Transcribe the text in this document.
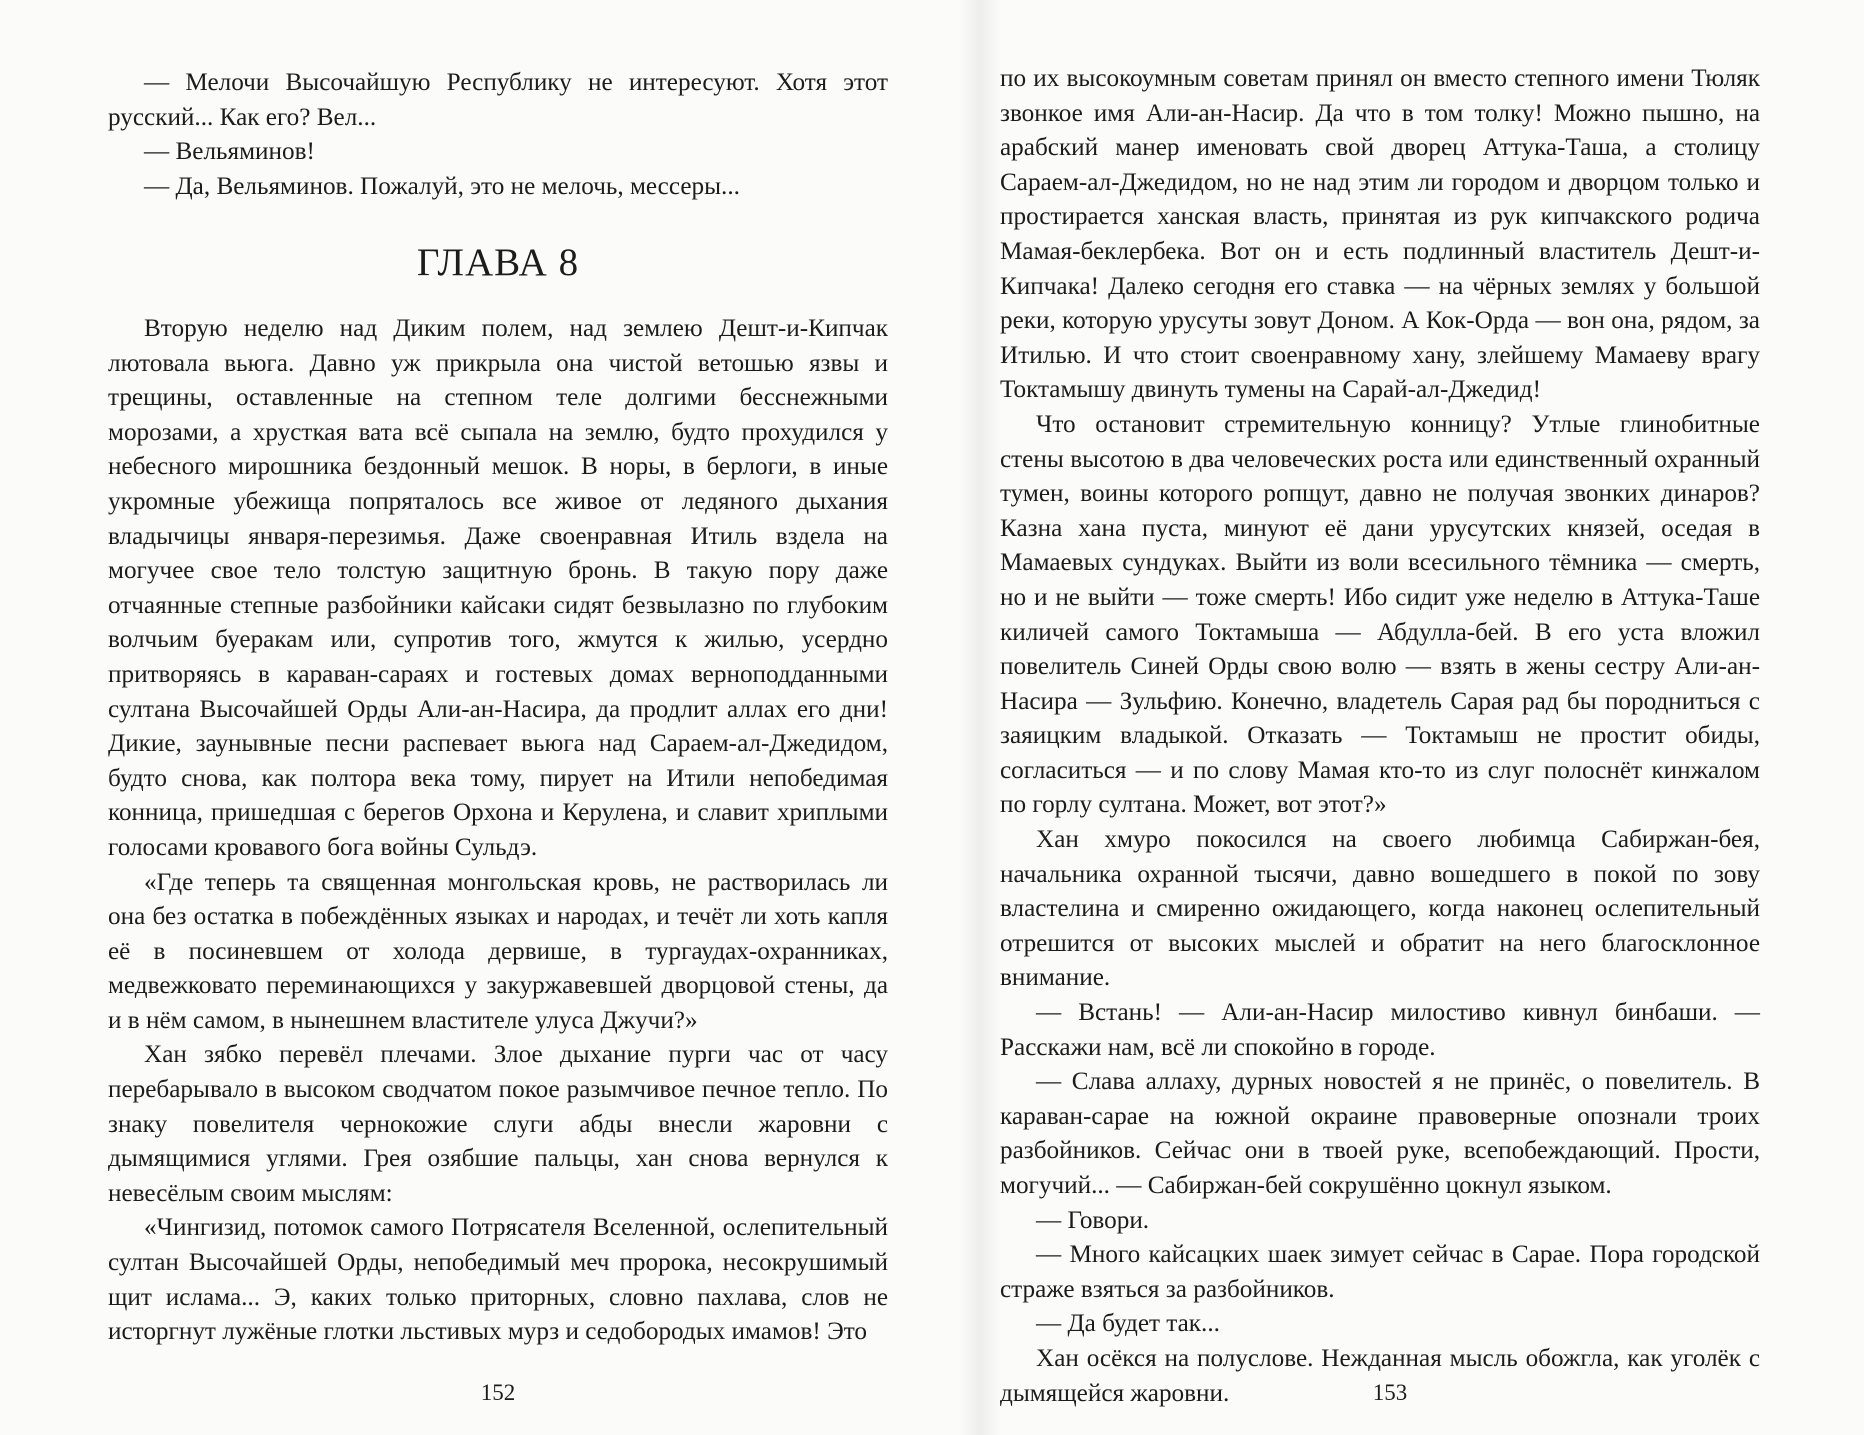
— Мелочи Высочайшую Республику не интересуют. Хотя этот русский... Как его? Вел...

— Вельяминов!

— Да, Вельяминов. Пожалуй, это не мелочь, мессеры...

ГЛАВА 8

Вторую неделю над Диким полем, над землею Дешт-и-Кипчак лютовала вьюга. Давно уж прикрыла она чистой ветошью язвы и трещины, оставленные на степном теле долгими бесснежными морозами, а хрусткая вата всё сыпала на землю, будто прохудился у небесного мирошника бездонный мешок. В норы, в берлоги, в иные укромные убежища попряталось все живое от ледяного дыхания владычицы января-перезимья. Даже своенравная Итиль вздела на могучее свое тело толстую защитную бронь. В такую пору даже отчаянные степные разбойники кайсаки сидят безвылазно по глубоким волчьим буеракам или, супротив того, жмутся к жилью, усердно притворяясь в караван-сараях и гостевых домах верноподданными султана Высочайшей Орды Али-ан-Насира, да продлит аллах его дни! Дикие, заунывные песни распевает вьюга над Сараем-ал-Джедидом, будто снова, как полтора века тому, пирует на Итили непобедимая конница, пришедшая с берегов Орхона и Керулена, и славит хриплыми голосами кровавого бога войны Сульдэ.

«Где теперь та священная монгольская кровь, не растворилась ли она без остатка в побеждённых языках и народах, и течёт ли хоть капля её в посиневшем от холода дервише, в тургаудах-охранниках, медвежковато переминающихся у закуржавевшей дворцовой стены, да и в нём самом, в нынешнем властителе улуса Джучи?»

Хан зябко перевёл плечами. Злое дыхание пурги час от часу перебарывало в высоком сводчатом покое разымчивое печное тепло. По знаку повелителя чернокожие слуги абды внесли жаровни с дымящимися углями. Грея озябшие пальцы, хан снова вернулся к невесёлым своим мыслям:

«Чингизид, потомок самого Потрясателя Вселенной, ослепительный султан Высочайшей Орды, непобедимый меч пророка, несокрушимый щит ислама... Э, каких только приторных, словно пахлава, слов не исторгнут лужёные глотки льстивых мурз и седобородых имамов! Это

152

по их высокоумным советам принял он вместо степного имени Тюляк звонкое имя Али-ан-Насир. Да что в том толку! Можно пышно, на арабский манер именовать свой дворец Аттука-Таша, а столицу Сараем-ал-Джедидом, но не над этим ли городом и дворцом только и простирается ханская власть, принятая из рук кипчакского родича Мамая-беклербека. Вот он и есть подлинный властитель Дешт-и-Кипчака! Далеко сегодня его ставка — на чёрных землях у большой реки, которую урусуты зовут Доном. А Кок-Орда — вон она, рядом, за Итилью. И что стоит своенравному хану, злейшему Мамаеву врагу Токтамышу двинуть тумены на Сарай-ал-Джедид!

Что остановит стремительную конницу? Утлые глинобитные стены высотою в два человеческих роста или единственный охранный тумен, воины которого ропщут, давно не получая звонких динаров? Казна хана пуста, минуют её дани урусутских князей, оседая в Мамаевых сундуках. Выйти из воли всесильного тёмника — смерть, но и не выйти — тоже смерть! Ибо сидит уже неделю в Аттука-Таше киличей самого Токтамыша — Абдулла-бей. В его уста вложил повелитель Синей Орды свою волю — взять в жены сестру Али-ан-Насира — Зульфию. Конечно, владетель Сарая рад бы породниться с заяицким владыкой. Отказать — Токтамыш не простит обиды, согласиться — и по слову Мамая кто-то из слуг полоснёт кинжалом по горлу султана. Может, вот этот?»

Хан хмуро покосился на своего любимца Сабиржан-бея, начальника охранной тысячи, давно вошедшего в покой по зову властелина и смиренно ожидающего, когда наконец ослепительный отрешится от высоких мыслей и обратит на него благосклонное внимание.

— Встань! — Али-ан-Насир милостиво кивнул бинбаши. — Расскажи нам, всё ли спокойно в городе.

— Слава аллаху, дурных новостей я не принёс, о повелитель. В караван-сарае на южной окраине правоверные опознали троих разбойников. Сейчас они в твоей руке, всепобеждающий. Прости, могучий... — Сабиржан-бей сокрушённо цокнул языком.

— Говори.

— Много кайсацких шаек зимует сейчас в Сарае. Пора городской страже взяться за разбойников.

— Да будет так...

Хан осёкся на полуслове. Нежданная мысль обожгла, как уголёк с дымящейся жаровни.	153
